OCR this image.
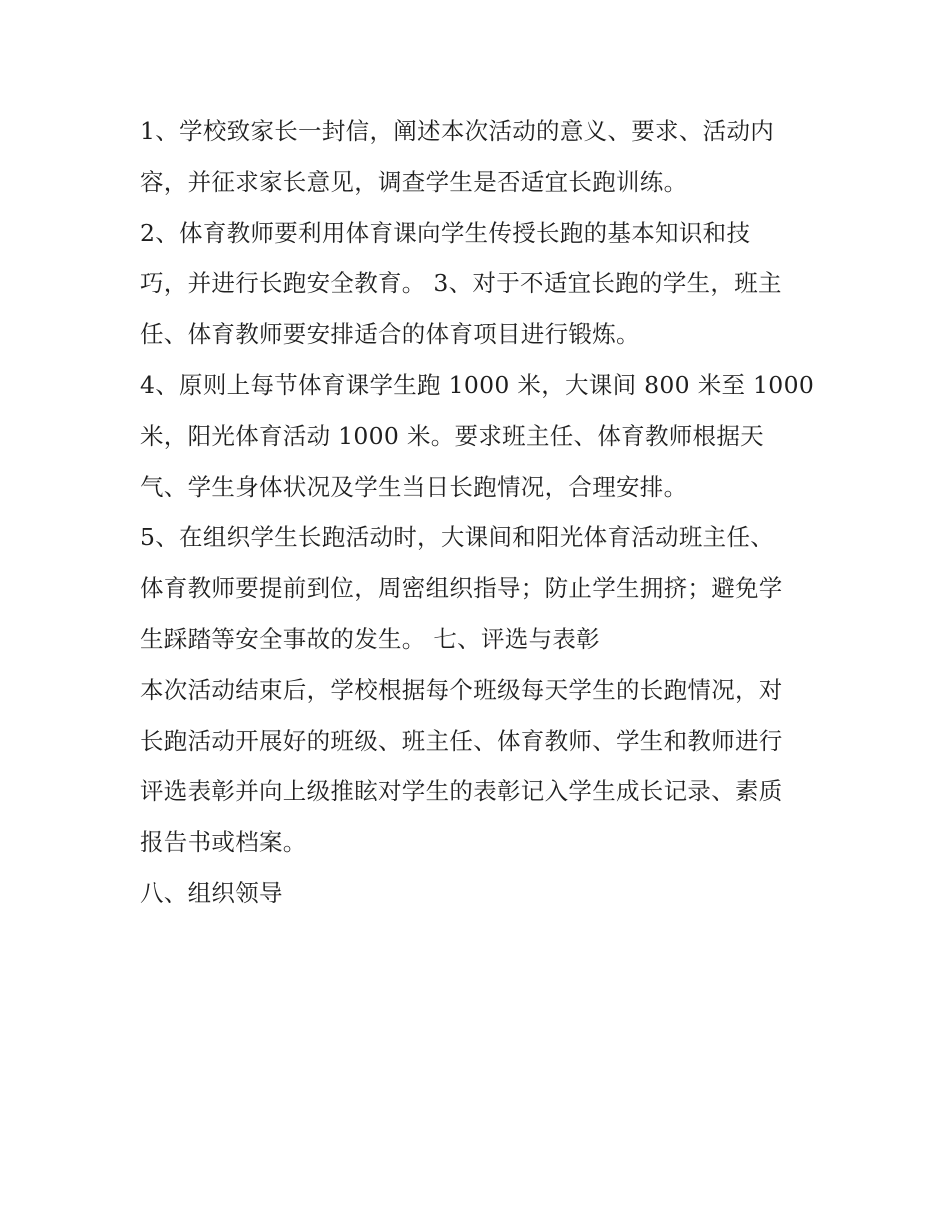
1、学校致家长一封信，阐述本次活动的意义、要求、活动内
容，并征求家长意见，调查学生是否适宜长跑训练。
2、体育教师要利用体育课向学生传授长跑的基本知识和技
巧，并进行长跑安全教育。 3、对于不适宜长跑的学生，班主
任、体育教师要安排适合的体育项目进行锻炼。
4、原则上每节体育课学生跑 1000 米，大课间 800 米至 1000
米，阳光体育活动 1000 米。要求班主任、体育教师根据天
气、学生身体状况及学生当日长跑情况，合理安排。
5、在组织学生长跑活动时，大课间和阳光体育活动班主任、
体育教师要提前到位，周密组织指导；防止学生拥挤；避免学
生踩踏等安全事故的发生。 七、评选与表彰
本次活动结束后，学校根据每个班级每天学生的长跑情况，对
长跑活动开展好的班级、班主任、体育教师、学生和教师进行
评选表彰并向上级推眩对学生的表彰记入学生成长记录、素质
报告书或档案。
八、组织领导
